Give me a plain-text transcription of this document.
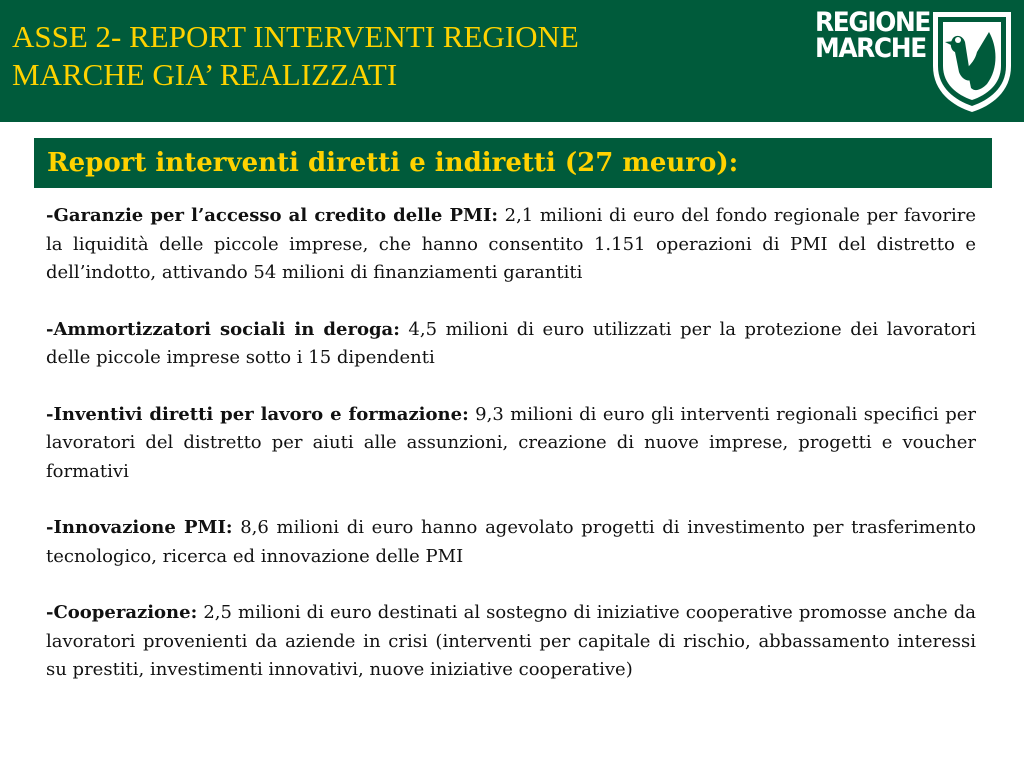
ASSE 2- REPORT INTERVENTI REGIONE
MARCHE GIA’ REALIZZATI
REGIONE
MARCHE
Report interventi diretti e indiretti (27 meuro):

-Garanzie per l’accesso al credito delle PMI: 2,1 milioni di euro del fondo regionale per favorire la liquidità delle piccole imprese, che hanno consentito 1.151 operazioni di PMI del distretto e dell’indotto, attivando 54 milioni di finanziamenti garantiti

-Ammortizzatori sociali in deroga: 4,5 milioni di euro utilizzati per la protezione dei lavoratori delle piccole imprese sotto i 15 dipendenti

-Inventivi diretti per lavoro e formazione: 9,3 milioni di euro gli interventi regionali specifici per lavoratori del distretto per aiuti alle assunzioni, creazione di nuove imprese, progetti e voucher formativi

-Innovazione PMI: 8,6 milioni di euro hanno agevolato progetti di investimento per trasferimento tecnologico, ricerca ed innovazione delle PMI

-Cooperazione: 2,5 milioni di euro destinati al sostegno di iniziative cooperative promosse anche da lavoratori provenienti da aziende in crisi (interventi per capitale di rischio, abbassamento interessi su prestiti, investimenti innovativi, nuove iniziative cooperative)
